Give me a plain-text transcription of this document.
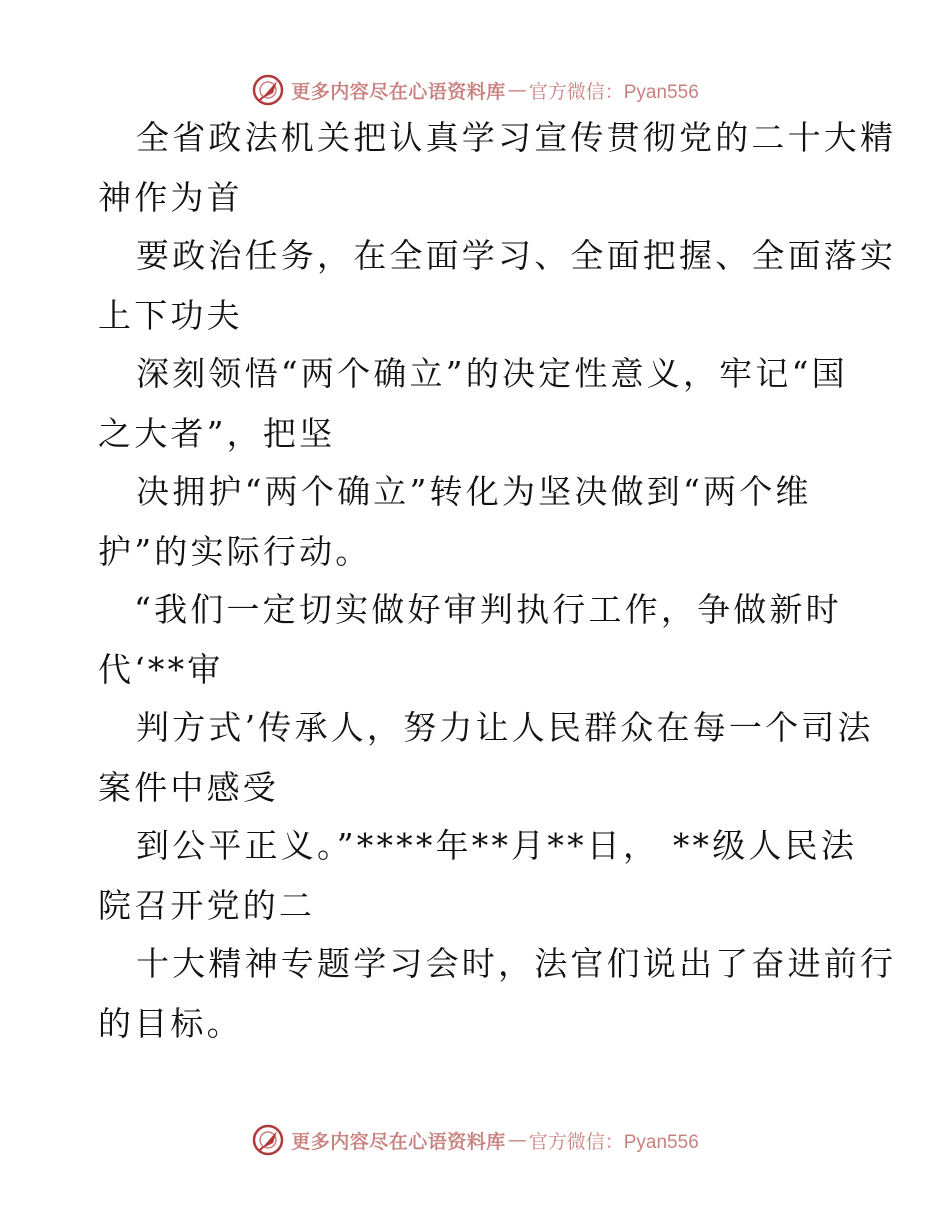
更多内容尽在心语资料库 — 官方微信：Pyan556
全省政法机关把认真学习宣传贯彻党的二十大精
神作为首
要政治任务，在全面学习、全面把握、全面落实
上下功夫
深刻领悟“两个确立”的决定性意义，牢记“国
之大者”，把坚
决拥护“两个确立”转化为坚决做到“两个维
护”的实际行动。
“我们一定切实做好审判执行工作，争做新时
代‘**审
判方式’传承人，努力让人民群众在每一个司法
案件中感受
到公平正义。”****年**月**日， **级人民法
院召开党的二
十大精神专题学习会时，法官们说出了奋进前行
的目标。
更多内容尽在心语资料库 — 官方微信：Pyan556
